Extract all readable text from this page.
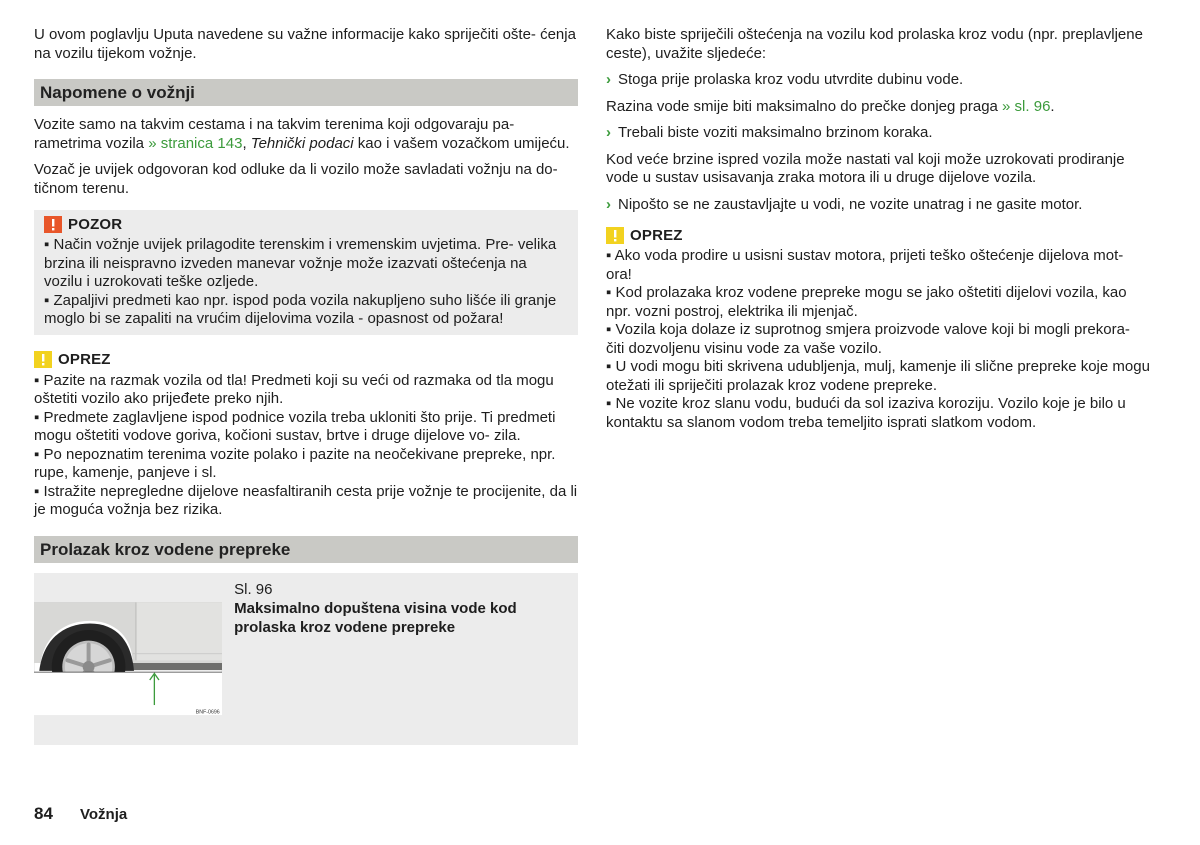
U ovom poglavlju Uputa navedene su važne informacije kako spriječiti ošte- ćenja na vozilu tijekom vožnje.

Napomene o vožnji

Vozite samo na takvim cestama i na takvim terenima koji odgovaraju pa- rametrima vozila » stranica 143, Tehnički podaci kao i vašem vozačkom umijeću.

Vozač je uvijek odgovoran kod odluke da li vozilo može savladati vožnju na do- tičnom terenu.

POZOR
▪ Način vožnje uvijek prilagodite terenskim i vremenskim uvjetima. Pre- velika brzina ili neispravno izveden manevar vožnje može izazvati oštećenja na vozilu i uzrokovati teške ozljede.
▪ Zapaljivi predmeti kao npr. ispod poda vozila nakupljeno suho lišće ili granje moglo bi se zapaliti na vrućim dijelovima vozila - opasnost od požara!
OPREZ
▪ Pazite na razmak vozila od tla! Predmeti koji su veći od razmaka od tla mogu oštetiti vozilo ako prijeđete preko njih.
▪ Predmete zaglavljene ispod podnice vozila treba ukloniti što prije. Ti predmeti mogu oštetiti vodove goriva, kočioni sustav, brtve i druge dijelove vo- zila.
▪ Po nepoznatim terenima vozite polako i pazite na neočekivane prepreke, npr. rupe, kamenje, panjeve i sl.
▪ Istražite nepregledne dijelove neasfaltiranih cesta prije vožnje te procijenite, da li je moguća vožnja bez rizika.
Prolazak kroz vodene prepreke
BNF-0696
Sl. 96
Maksimalno dopuštena visina vode kod prolaska kroz vodene prepreke

Kako biste spriječili oštećenja na vozilu kod prolaska kroz vodu (npr. preplavljene ceste), uvažite sljedeće:

› Stoga prije prolaska kroz vodu utvrdite dubinu vode.

Razina vode smije biti maksimalno do prečke donjeg praga » sl. 96.

› Trebali biste voziti maksimalno brzinom koraka.

Kod veće brzine ispred vozila može nastati val koji može uzrokovati prodiranje vode u sustav usisavanja zraka motora ili u druge dijelove vozila.

› Nipošto se ne zaustavljajte u vodi, ne vozite unatrag i ne gasite motor.
OPREZ
▪ Ako voda prodire u usisni sustav motora, prijeti teško oštećenje dijelova mot- ora!
▪ Kod prolazaka kroz vodene prepreke mogu se jako oštetiti dijelovi vozila, kao npr. vozni postroj, elektrika ili mjenjač.
▪ Vozila koja dolaze iz suprotnog smjera proizvode valove koji bi mogli prekora- čiti dozvoljenu visinu vode za vaše vozilo.
▪ U vodi mogu biti skrivena udubljenja, mulj, kamenje ili slične prepreke koje mogu otežati ili spriječiti prolazak kroz vodene prepreke.
▪ Ne vozite kroz slanu vodu, budući da sol izaziva koroziju. Vozilo koje je bilo u kontaktu sa slanom vodom treba temeljito isprati slatkom vodom.
84	Vožnja
